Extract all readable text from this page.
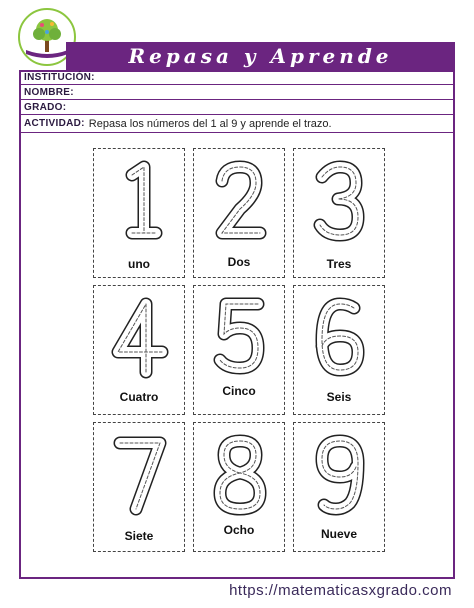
Repasa y Aprende
INSTITUCIÓN:
NOMBRE:
GRADO:
ACTIVIDAD: Repasa los números del 1 al 9 y aprende el trazo.
uno	Dos	Tres
Cuatro	Cinco	Seis
Siete	Ocho	Nueve
https://matematicasxgrado.com
